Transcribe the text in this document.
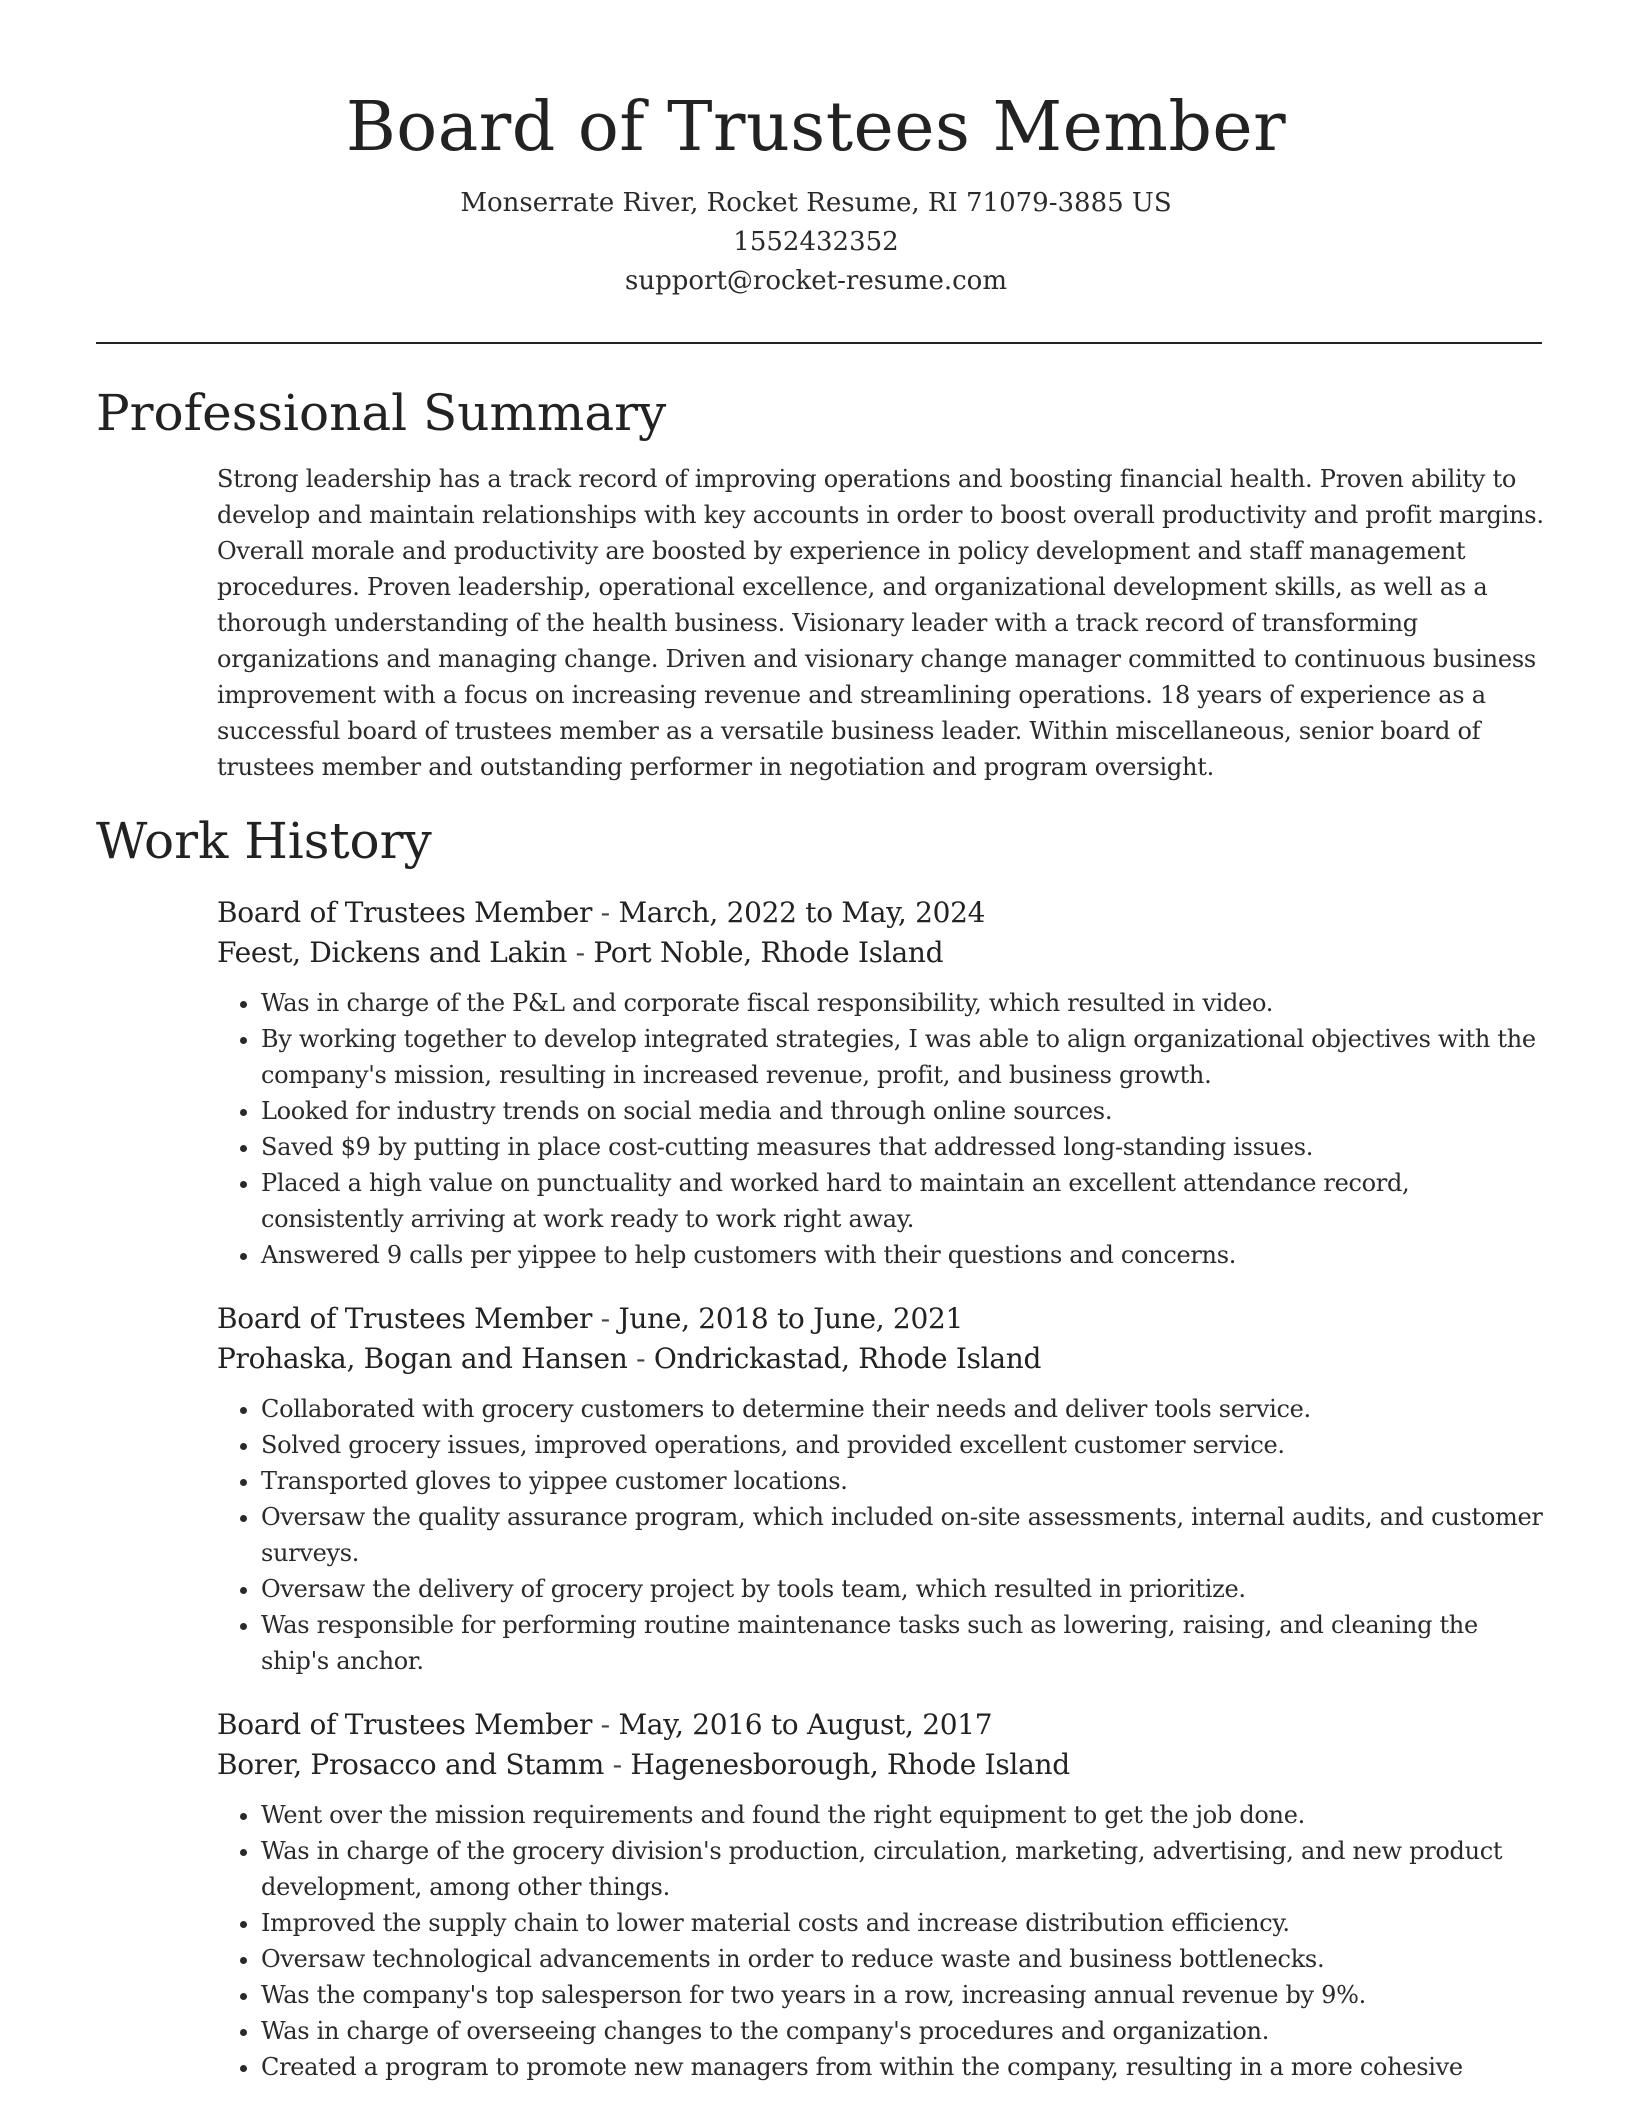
Board of Trustees Member
Monserrate River, Rocket Resume, RI 71079-3885 US
1552432352
support@rocket-resume.com
Professional Summary

Strong leadership has a track record of improving operations and boosting financial health. Proven ability to develop and maintain relationships with key accounts in order to boost overall productivity and profit margins. Overall morale and productivity are boosted by experience in policy development and staff management procedures. Proven leadership, operational excellence, and organizational development skills, as well as a thorough understanding of the health business. Visionary leader with a track record of transforming organizations and managing change. Driven and visionary change manager committed to continuous business improvement with a focus on increasing revenue and streamlining operations. 18 years of experience as a successful board of trustees member as a versatile business leader. Within miscellaneous, senior board of trustees member and outstanding performer in negotiation and program oversight.

Work History
Board of Trustees Member - March, 2022 to May, 2024
Feest, Dickens and Lakin - Port Noble, Rhode Island
• Was in charge of the P&L and corporate fiscal responsibility, which resulted in video.
• By working together to develop integrated strategies, I was able to align organizational objectives with the company's mission, resulting in increased revenue, profit, and business growth.
• Looked for industry trends on social media and through online sources.
• Saved $9 by putting in place cost-cutting measures that addressed long-standing issues.
• Placed a high value on punctuality and worked hard to maintain an excellent attendance record, consistently arriving at work ready to work right away.
• Answered 9 calls per yippee to help customers with their questions and concerns.
Board of Trustees Member - June, 2018 to June, 2021
Prohaska, Bogan and Hansen - Ondrickastad, Rhode Island
• Collaborated with grocery customers to determine their needs and deliver tools service.
• Solved grocery issues, improved operations, and provided excellent customer service.
• Transported gloves to yippee customer locations.
• Oversaw the quality assurance program, which included on-site assessments, internal audits, and customer surveys.
• Oversaw the delivery of grocery project by tools team, which resulted in prioritize.
• Was responsible for performing routine maintenance tasks such as lowering, raising, and cleaning the ship's anchor.
Board of Trustees Member - May, 2016 to August, 2017
Borer, Prosacco and Stamm - Hagenesborough, Rhode Island
• Went over the mission requirements and found the right equipment to get the job done.
• Was in charge of the grocery division's production, circulation, marketing, advertising, and new product development, among other things.
• Improved the supply chain to lower material costs and increase distribution efficiency.
• Oversaw technological advancements in order to reduce waste and business bottlenecks.
• Was the company's top salesperson for two years in a row, increasing annual revenue by 9%.
• Was in charge of overseeing changes to the company's procedures and organization.
• Created a program to promote new managers from within the company, resulting in a more cohesive
